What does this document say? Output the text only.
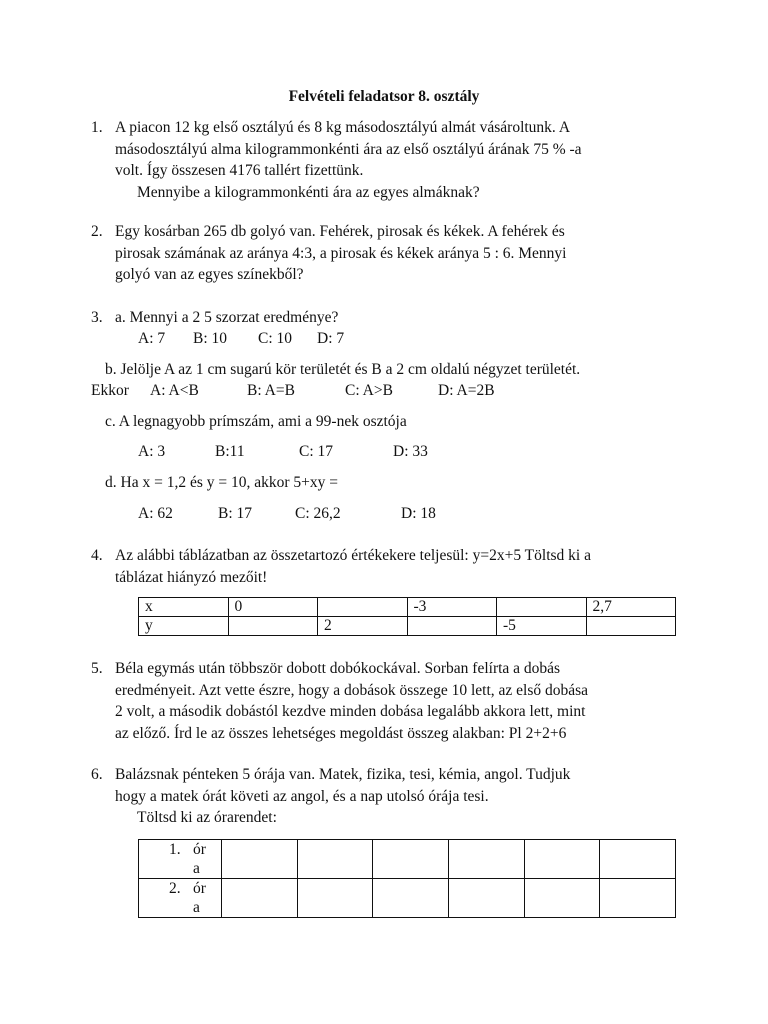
Felvételi feladatsor 8. osztály
1. A piacon 12 kg első osztályú és 8 kg másodosztályú almát vásároltunk. A
másodosztályú alma kilogrammonkénti ára az első osztályú árának 75 % -a
volt. Így összesen 4176 tallért fizettünk.
Mennyibe a kilogrammonkénti ára az egyes almáknak?
2. Egy kosárban 265 db golyó van. Fehérek, pirosak és kékek. A fehérek és
pirosak számának az aránya 4:3, a pirosak és kékek aránya 5 : 6. Mennyi
golyó van az egyes színekből?
3. a. Mennyi a 2 5 szorzat eredménye?
A: 7 B: 10 C: 10 D: 7
b. Jelölje A az 1 cm sugarú kör területét és B a 2 cm oldalú négyzet területét.
Ekkor A: A<B	B: A=B	C: A>B	D: A=2B
c. A legnagyobb prímszám, ami a 99-nek osztója
A: 3	B:11	C: 17	D: 33
d. Ha x = 1,2 és y = 10, akkor 5+xy =
A: 62	B: 17	C: 26,2	D: 18
4. Az alábbi táblázatban az összetartozó értékekere teljesül: y=2x+5 Töltsd ki a
táblázat hiányzó mezőit!
x	0		-3		2,7
y		2		-5	
5. Béla egymás után többször dobott dobókockával. Sorban felírta a dobás
eredményeit. Azt vette észre, hogy a dobások összege 10 lett, az első dobása
2 volt, a második dobástól kezdve minden dobása legalább akkora lett, mint
az előző. Írd le az összes lehetséges megoldást összeg alakban: Pl 2+2+6
6. Balázsnak pénteken 5 órája van. Matek, fizika, tesi, kémia, angol. Tudjuk
hogy a matek órát követi az angol, és a nap utolsó órája tesi.
Töltsd ki az órarendet:
1. ór
a						

2. ór
a						
